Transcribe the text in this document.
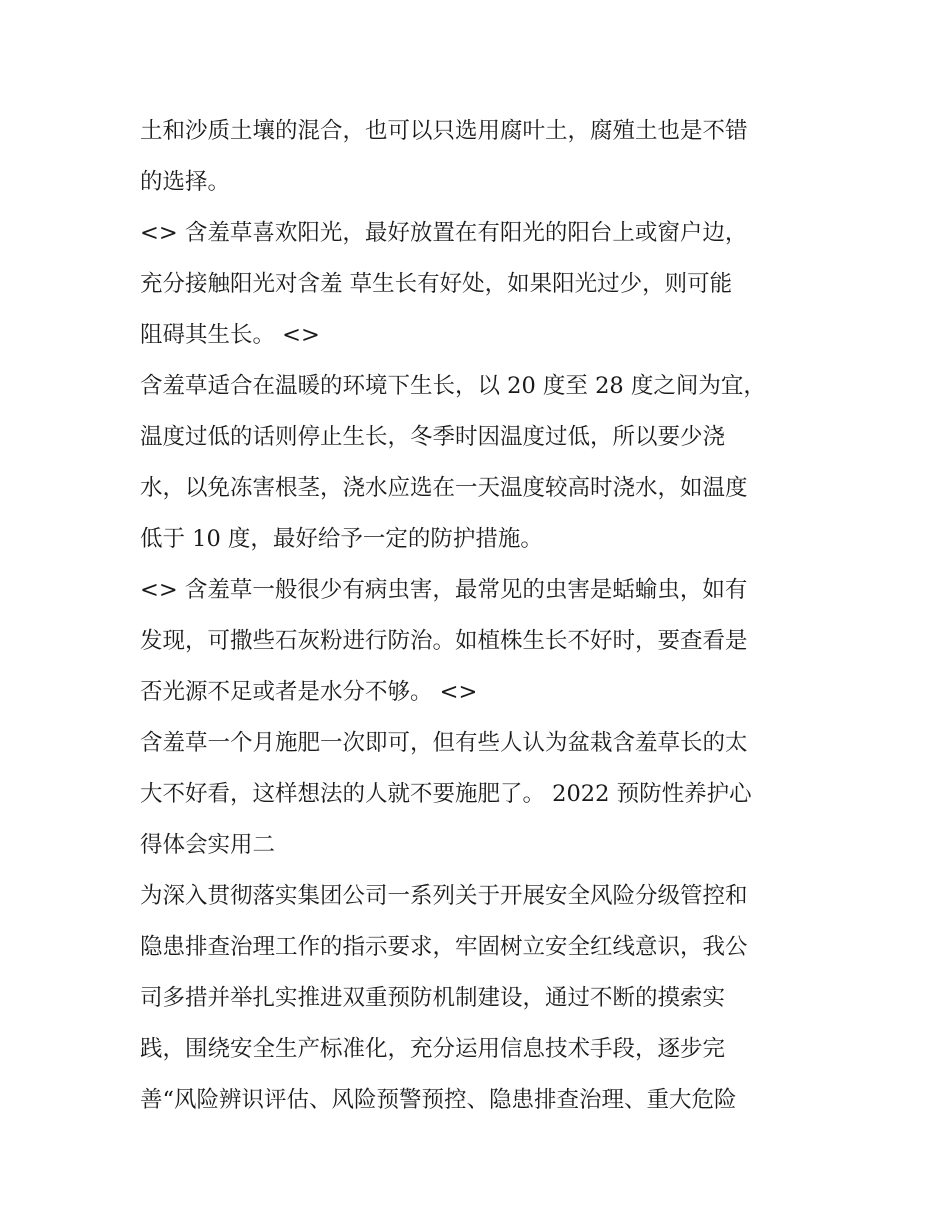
土和沙质土壤的混合，也可以只选用腐叶土，腐殖土也是不错
的选择。
<> 含羞草喜欢阳光，最好放置在有阳光的阳台上或窗户边，
充分接触阳光对含羞 草生长有好处，如果阳光过少，则可能
阻碍其生长。 <>
含羞草适合在温暖的环境下生长，以 20 度至 28 度之间为宜，
温度过低的话则停止生长，冬季时因温度过低，所以要少浇
水，以免冻害根茎，浇水应选在一天温度较高时浇水，如温度
低于 10 度，最好给予一定的防护措施。
<> 含羞草一般很少有病虫害，最常见的虫害是蛞蝓虫，如有
发现，可撒些石灰粉进行防治。如植株生长不好时，要查看是
否光源不足或者是水分不够。 <>
含羞草一个月施肥一次即可，但有些人认为盆栽含羞草长的太
大不好看，这样想法的人就不要施肥了。 2022 预防性养护心
得体会实用二
为深入贯彻落实集团公司一系列关于开展安全风险分级管控和
隐患排查治理工作的指示要求，牢固树立安全红线意识，我公
司多措并举扎实推进双重预防机制建设，通过不断的摸索实
践，围绕安全生产标准化，充分运用信息技术手段，逐步完
善“风险辨识评估、风险预警预控、隐患排查治理、重大危险
